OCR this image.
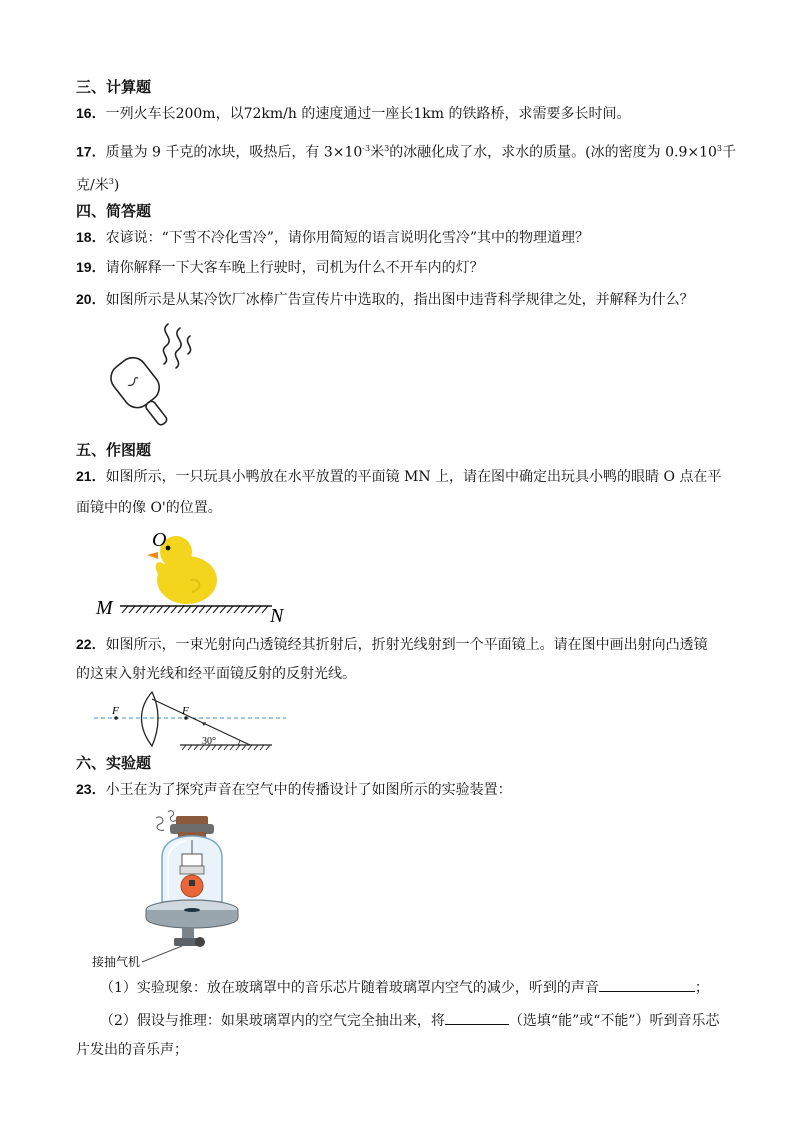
三、计算题
16．一列火车长200m，以72km/h 的速度通过一座长1km 的铁路桥，求需要多长时间。
17．质量为 9 千克的冰块，吸热后，有 $3\times 10^{-3}$米$^3$的冰融化成了水，求水的质量。(冰的密度为 $0.9\times 10^3$千
克/米$^3$)
四、简答题
18．农谚说：“下雪不冷化雪冷”，请你用简短的语言说明化雪冷”其中的物理道理？
19．请你解释一下大客车晚上行驶时，司机为什么不开车内的灯？
20．如图所示是从某冷饮厂冰棒广告宣传片中选取的，指出图中违背科学规律之处，并解释为什么？
五、作图题
21．如图所示，一只玩具小鸭放在水平放置的平面镜 MN 上，请在图中确定出玩具小鸭的眼睛 O 点在平
面镜中的像 O'的位置。
O
M	N
22．如图所示，一束光射向凸透镜经其折射后，折射光线射到一个平面镜上。请在图中画出射向凸透镜
的这束入射光线和经平面镜反射的反射光线。
F	F
30°
六、实验题
23．小王在为了探究声音在空气中的传播设计了如图所示的实验装置：
接抽气机
（1）实验现象：放在玻璃罩中的音乐芯片随着玻璃罩内空气的减少，听到的声音	；
（2）假设与推理：如果玻璃罩内的空气完全抽出来，将	（选填“能”或“不能”）听到音乐芯
片发出的音乐声；
